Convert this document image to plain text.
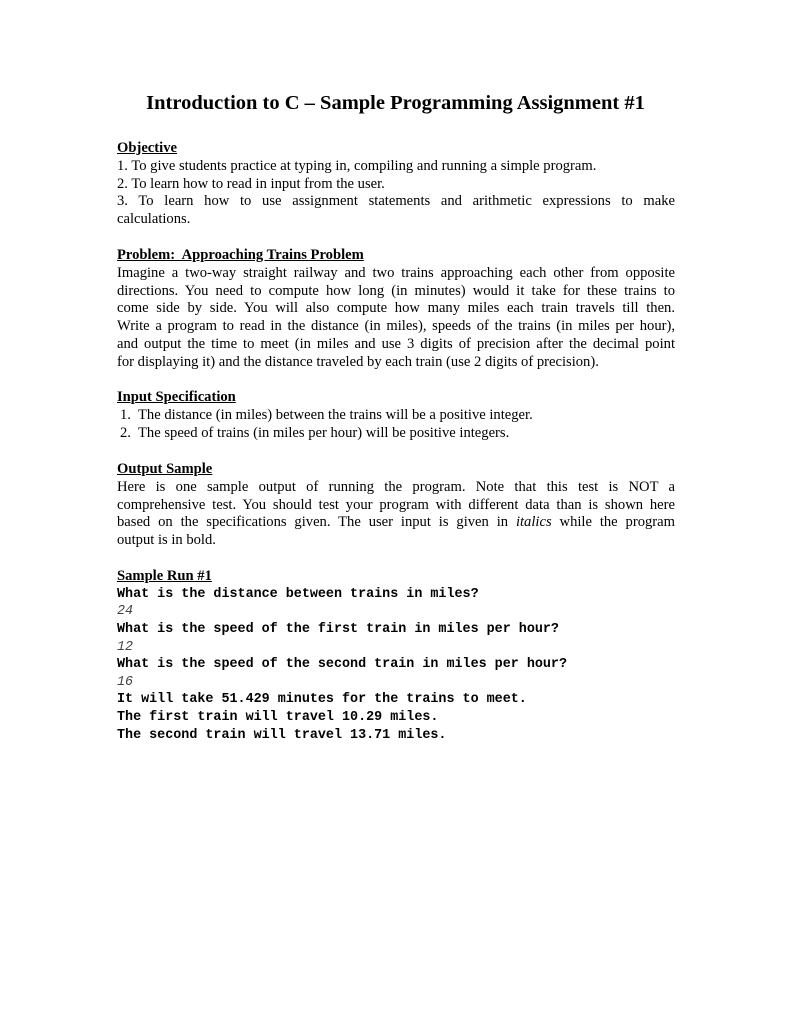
Introduction to C – Sample Programming Assignment #1
Objective
1. To give students practice at typing in, compiling and running a simple program.
2. To learn how to read in input from the user.
3. To learn how to use assignment statements and arithmetic expressions to make
calculations.
Problem:  Approaching Trains Problem
Imagine a two-way straight railway and two trains approaching each other from opposite
directions. You need to compute how long (in minutes) would it take for these trains to
come side by side. You will also compute how many miles each train travels till then.
Write a program to read in the distance (in miles), speeds of the trains (in miles per hour),
and output the time to meet (in miles and use 3 digits of precision after the decimal point
for displaying it) and the distance traveled by each train (use 2 digits of precision).
Input Specification
1. The distance (in miles) between the trains will be a positive integer.
2. The speed of trains (in miles per hour) will be positive integers.
Output Sample
Here is one sample output of running the program. Note that this test is NOT a
comprehensive test. You should test your program with different data than is shown here
based on the specifications given. The user input is given in italics while the program
output is in bold.
Sample Run #1
What is the distance between trains in miles?
24
What is the speed of the first train in miles per hour?
12
What is the speed of the second train in miles per hour?
16
It will take 51.429 minutes for the trains to meet.
The first train will travel 10.29 miles.
The second train will travel 13.71 miles.
